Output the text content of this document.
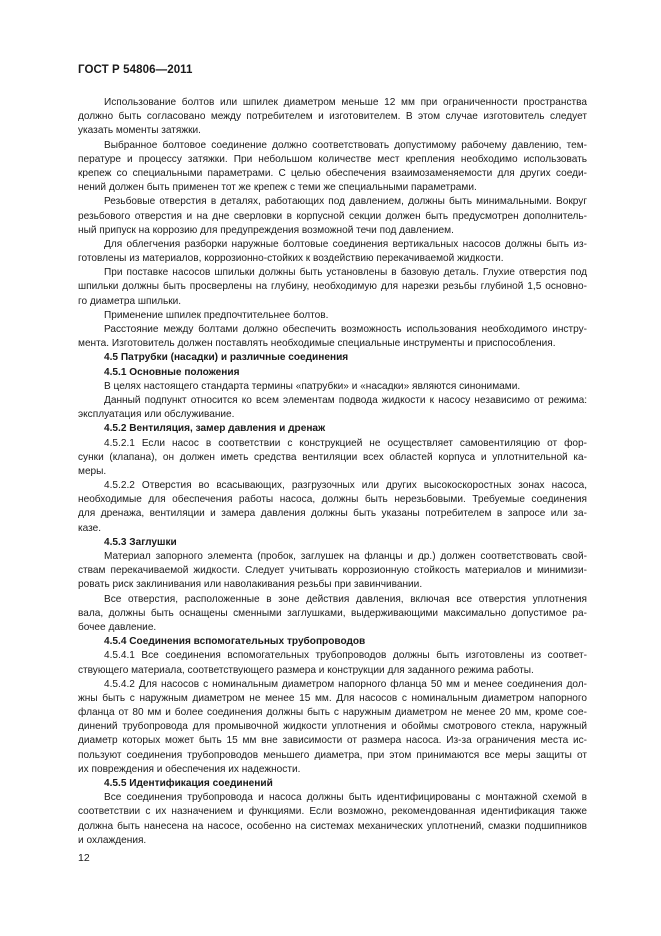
ГОСТ Р 54806—2011
Использование болтов или шпилек диаметром меньше 12 мм при ограниченности пространства
должно быть согласовано между потребителем и изготовителем. В этом случае изготовитель следует
указать моменты затяжки.
Выбранное болтовое соединение должно соответствовать допустимому рабочему давлению, тем-
пературе и процессу затяжки. При небольшом количестве мест крепления необходимо использовать
крепеж со специальными параметрами. С целью обеспечения взаимозаменяемости для других соеди-
нений должен быть применен тот же крепеж с теми же специальными параметрами.
Резьбовые отверстия в деталях, работающих под давлением, должны быть минимальными. Вокруг
резьбового отверстия и на дне сверловки в корпусной секции должен быть предусмотрен дополнитель-
ный припуск на коррозию для предупреждения возможной течи под давлением.
Для облегчения разборки наружные болтовые соединения вертикальных насосов должны быть из-
готовлены из материалов, коррозионно-стойких к воздействию перекачиваемой жидкости.
При поставке насосов шпильки должны быть установлены в базовую деталь. Глухие отверстия под
шпильки должны быть просверлены на глубину, необходимую для нарезки резьбы глубиной 1,5 основно-
го диаметра шпильки.
Применение шпилек предпочтительнее болтов.
Расстояние между болтами должно обеспечить возможность использования необходимого инстру-
мента. Изготовитель должен поставлять необходимые специальные инструменты и приспособления.
4.5 Патрубки (насадки) и различные соединения
4.5.1 Основные положения
В целях настоящего стандарта термины «патрубки» и «насадки» являются синонимами.
Данный подпункт относится ко всем элементам подвода жидкости к насосу независимо от режима:
эксплуатация или обслуживание.
4.5.2 Вентиляция, замер давления и дренаж
4.5.2.1 Если насос в соответствии с конструкцией не осуществляет самовентиляцию от фор-
сунки (клапана), он должен иметь средства вентиляции всех областей корпуса и уплотнительной ка-
меры.
4.5.2.2 Отверстия во всасывающих, разгрузочных или других высокоскоростных зонах насоса,
необходимые для обеспечения работы насоса, должны быть нерезьбовыми. Требуемые соединения
для дренажа, вентиляции и замера давления должны быть указаны потребителем в запросе или за-
казе.
4.5.3 Заглушки
Материал запорного элемента (пробок, заглушек на фланцы и др.) должен соответствовать свой-
ствам перекачиваемой жидкости. Следует учитывать коррозионную стойкость материалов и минимизи-
ровать риск заклинивания или наволакивания резьбы при завинчивании.
Все отверстия, расположенные в зоне действия давления, включая все отверстия уплотнения
вала, должны быть оснащены сменными заглушками, выдерживающими максимально допустимое ра-
бочее давление.
4.5.4 Соединения вспомогательных трубопроводов
4.5.4.1 Все соединения вспомогательных трубопроводов должны быть изготовлены из соответ-
ствующего материала, соответствующего размера и конструкции для заданного режима работы.
4.5.4.2 Для насосов с номинальным диаметром напорного фланца 50 мм и менее соединения дол-
жны быть с наружным диаметром не менее 15 мм. Для насосов с номинальным диаметром напорного
фланца от 80 мм и более соединения должны быть с наружным диаметром не менее 20 мм, кроме сое-
динений трубопровода для промывочной жидкости уплотнения и обоймы смотрового стекла, наружный
диаметр которых может быть 15 мм вне зависимости от размера насоса. Из-за ограничения места ис-
пользуют соединения трубопроводов меньшего диаметра, при этом принимаются все меры защиты от
их повреждения и обеспечения их надежности.
4.5.5 Идентификация соединений
Все соединения трубопровода и насоса должны быть идентифицированы с монтажной схемой в
соответствии с их назначением и функциями. Если возможно, рекомендованная идентификация также
должна быть нанесена на насосе, особенно на системах механических уплотнений, смазки подшипников
и охлаждения.
12
